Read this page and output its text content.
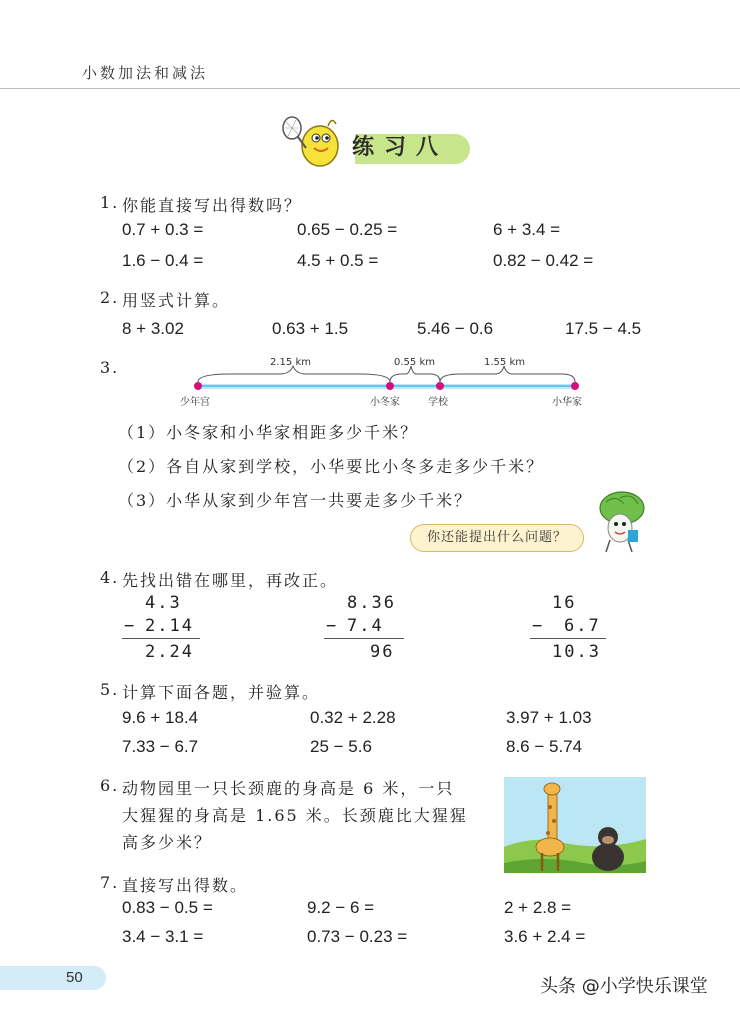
小数加法和减法
练习八
1. 你能直接写出得数吗？
0.7 + 0.3 =	0.65 − 0.25 =	6 + 3.4 =
1.6 − 0.4 =	4.5 + 0.5 =	0.82 − 0.42 =
2. 用竖式计算。
8 + 3.02	0.63 + 1.5	5.46 − 0.6	17.5 − 4.5
3.	2.15 km	0.55 km	1.55 km
少年宫	小冬家	学校	小华家
（1）小冬家和小华家相距多少千米？
（2）各自从家到学校，小华要比小冬多走多少千米？
（3）小华从家到少年宫一共要走多少千米？
你还能提出什么问题？
4. 先找出错在哪里，再改正。
4.3
− 2.14
2.24
8.36
− 7.4
96
16
− 6.7
10.3
5. 计算下面各题，并验算。
9.6 + 18.4	0.32 + 2.28	3.97 + 1.03
7.33 − 6.7	25 − 5.6	8.6 − 5.74
6. 动物园里一只长颈鹿的身高是 6 米，一只
大猩猩的身高是 1.65 米。长颈鹿比大猩猩
高多少米？
7. 直接写出得数。
0.83 − 0.5 =	9.2 − 6 =	2 + 2.8 =
3.4 − 3.1 =	0.73 − 0.23 =	3.6 + 2.4 =
50	头条 @小学快乐课堂
